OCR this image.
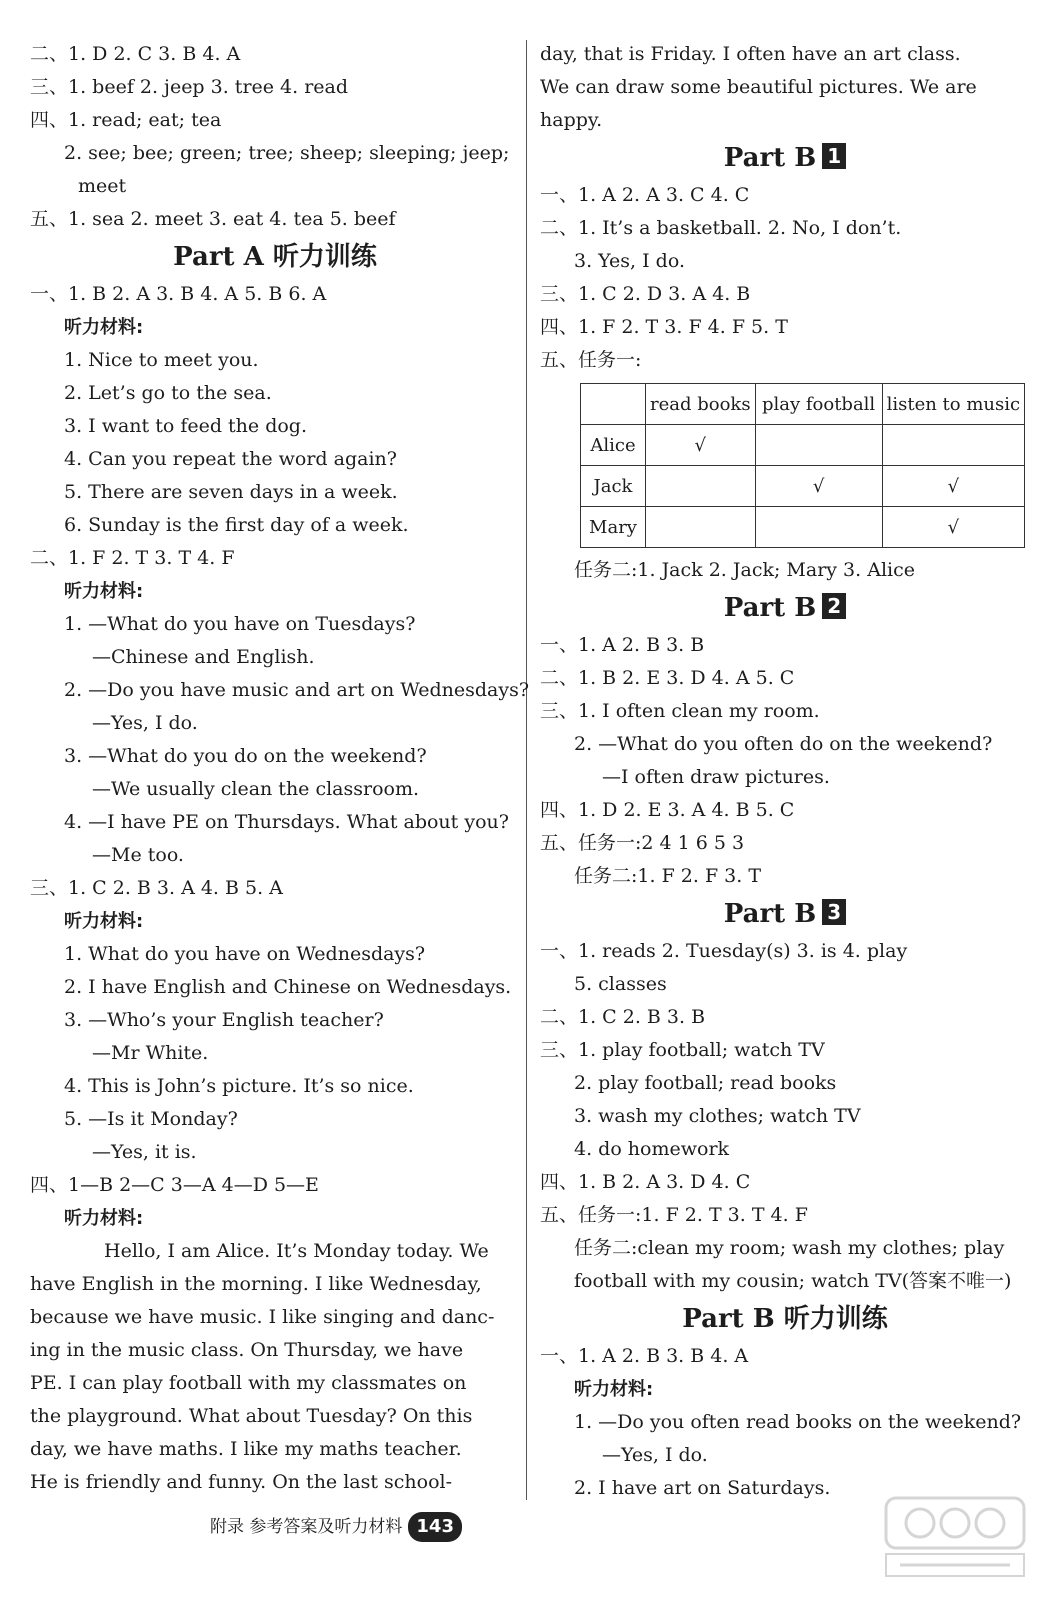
二、1. D 2. C 3. B 4. A
三、1. beef 2. jeep 3. tree 4. read
四、1. read; eat; tea
2. see; bee; green; tree; sheep; sleeping; jeep;
meet
五、1. sea 2. meet 3. eat 4. tea 5. beef
Part A 听力训练
一、1. B 2. A 3. B 4. A 5. B 6. A
听力材料:
1. Nice to meet you.
2. Let’s go to the sea.
3. I want to feed the dog.
4. Can you repeat the word again?
5. There are seven days in a week.
6. Sunday is the first day of a week.
二、1. F 2. T 3. T 4. F
听力材料:
1. —What do you have on Tuesdays?
—Chinese and English.
2. —Do you have music and art on Wednesdays?
—Yes, I do.
3. —What do you do on the weekend?
—We usually clean the classroom.
4. —I have PE on Thursdays. What about you?
—Me too.
三、1. C 2. B 3. A 4. B 5. A
听力材料:
1. What do you have on Wednesdays?
2. I have English and Chinese on Wednesdays.
3. —Who’s your English teacher?
—Mr White.
4. This is John’s picture. It’s so nice.
5. —Is it Monday?
—Yes, it is.
四、1—B 2—C 3—A 4—D 5—E
听力材料:
Hello, I am Alice. It’s Monday today. We
have English in the morning. I like Wednesday,
because we have music. I like singing and danc-
ing in the music class. On Thursday, we have
PE. I can play football with my classmates on
the playground. What about Tuesday? On this
day, we have maths. I like my maths teacher.
He is friendly and funny. On the last school-
day, that is Friday. I often have an art class.
We can draw some beautiful pictures. We are
happy.
Part B 1
一、1. A 2. A 3. C 4. C
二、1. It’s a basketball. 2. No, I don’t.
3. Yes, I do.
三、1. C 2. D 3. A 4. B
四、1. F 2. T 3. F 4. F 5. T
五、任务一:
	read books	play football	listen to music
Alice	√		
Jack		√	√
Mary			√
任务二:1. Jack 2. Jack; Mary 3. Alice
Part B 2
一、1. A 2. B 3. B
二、1. B 2. E 3. D 4. A 5. C
三、1. I often clean my room.
2. —What do you often do on the weekend?
—I often draw pictures.
四、1. D 2. E 3. A 4. B 5. C
五、任务一:2 4 1 6 5 3
任务二:1. F 2. F 3. T
Part B 3
一、1. reads 2. Tuesday(s) 3. is 4. play
5. classes
二、1. C 2. B 3. B
三、1. play football; watch TV
2. play football; read books
3. wash my clothes; watch TV
4. do homework
四、1. B 2. A 3. D 4. C
五、任务一:1. F 2. T 3. T 4. F
任务二:clean my room; wash my clothes; play
football with my cousin; watch TV(答案不唯一)
Part B 听力训练
一、1. A 2. B 3. B 4. A
听力材料:
1. —Do you often read books on the weekend?
—Yes, I do.
2. I have art on Saturdays.
附录 参考答案及听力材料 143
